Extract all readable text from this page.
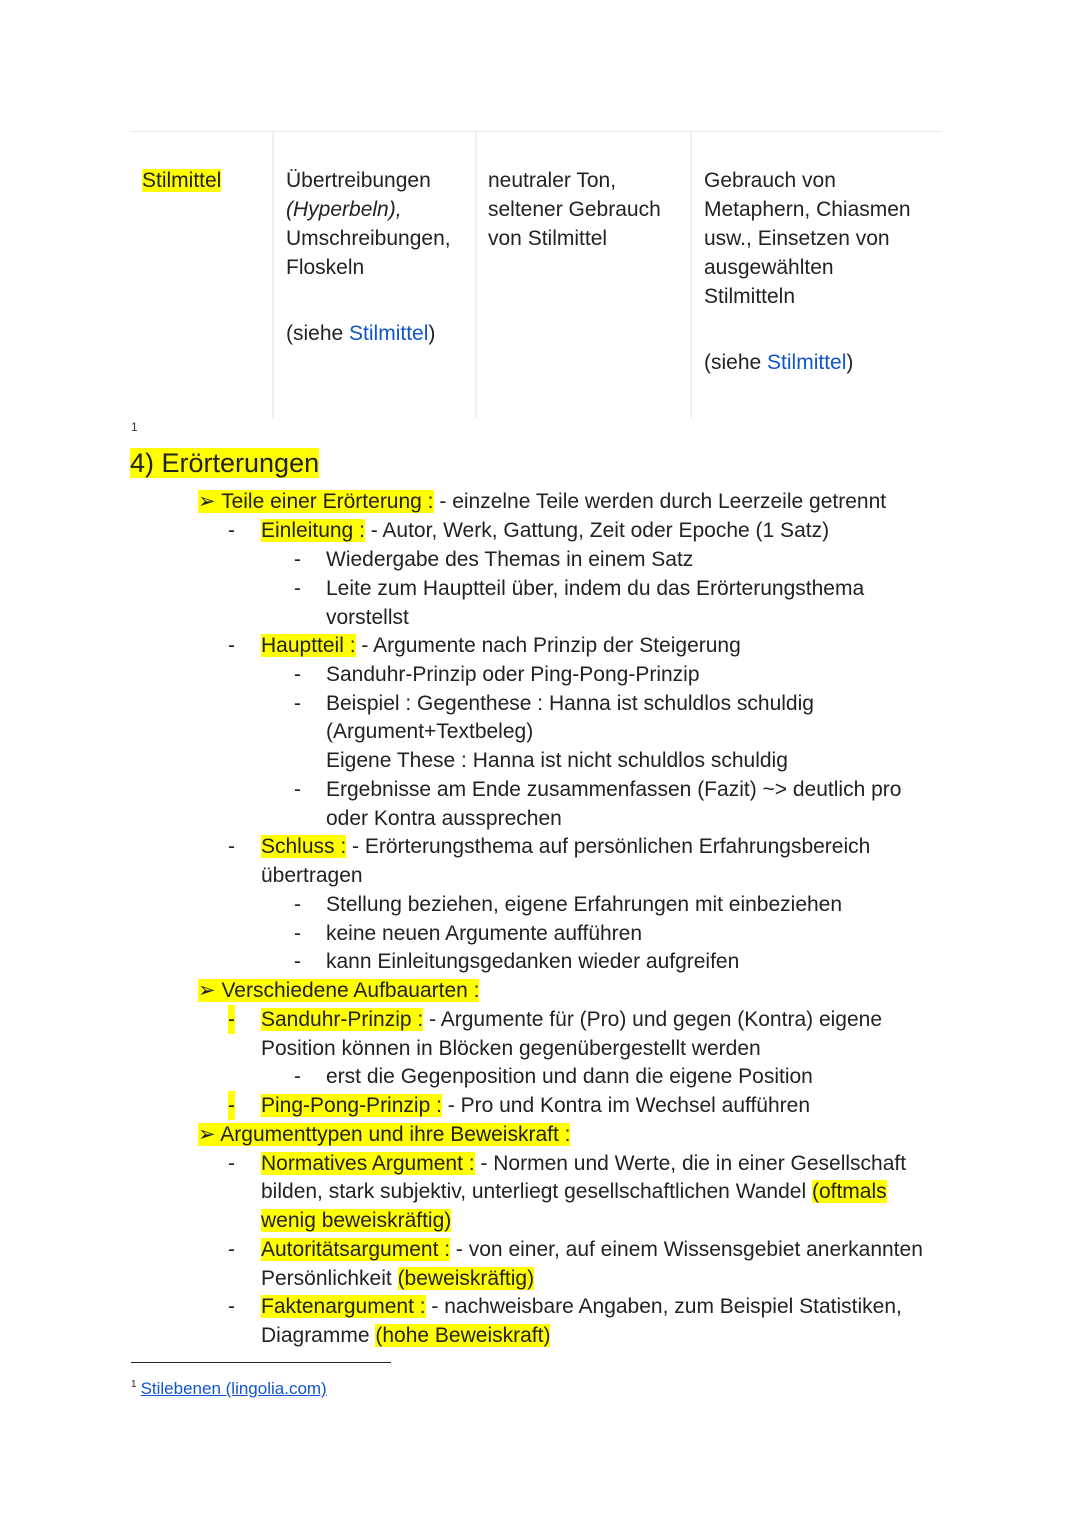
Stilmittel	Übertreibungen
(Hyperbeln),
Umschreibungen,
Floskeln
(siehe Stilmittel)
neutraler Ton,
seltener Gebrauch
von Stilmittel
Gebrauch von
Metaphern, Chiasmen
usw., Einsetzen von
ausgewählten
Stilmitteln
(siehe Stilmittel)
1
4) Erörterungen
➢ Teile einer Erörterung : - einzelne Teile werden durch Leerzeile getrennt
- Einleitung : - Autor, Werk, Gattung, Zeit oder Epoche (1 Satz)
- Wiedergabe des Themas in einem Satz
- Leite zum Hauptteil über, indem du das Erörterungsthema
vorstellst
- Hauptteil : - Argumente nach Prinzip der Steigerung
- Sanduhr-Prinzip oder Ping-Pong-Prinzip
- Beispiel : Gegenthese : Hanna ist schuldlos schuldig
(Argument+Textbeleg)
Eigene These : Hanna ist nicht schuldlos schuldig
- Ergebnisse am Ende zusammenfassen (Fazit) ~> deutlich pro
oder Kontra aussprechen
- Schluss : - Erörterungsthema auf persönlichen Erfahrungsbereich
übertragen
- Stellung beziehen, eigene Erfahrungen mit einbeziehen
- keine neuen Argumente aufführen
- kann Einleitungsgedanken wieder aufgreifen
➢ Verschiedene Aufbauarten :
- Sanduhr-Prinzip : - Argumente für (Pro) und gegen (Kontra) eigene
Position können in Blöcken gegenübergestellt werden
- erst die Gegenposition und dann die eigene Position
- Ping-Pong-Prinzip : - Pro und Kontra im Wechsel aufführen
➢ Argumenttypen und ihre Beweiskraft :
- Normatives Argument : - Normen und Werte, die in einer Gesellschaft
bilden, stark subjektiv, unterliegt gesellschaftlichen Wandel (oftmals
wenig beweiskräftig)
- Autoritätsargument : - von einer, auf einem Wissensgebiet anerkannten
Persönlichkeit (beweiskräftig)
- Faktenargument : - nachweisbare Angaben, zum Beispiel Statistiken,
Diagramme (hohe Beweiskraft)
$^1$ Stilebenen (lingolia.com)
